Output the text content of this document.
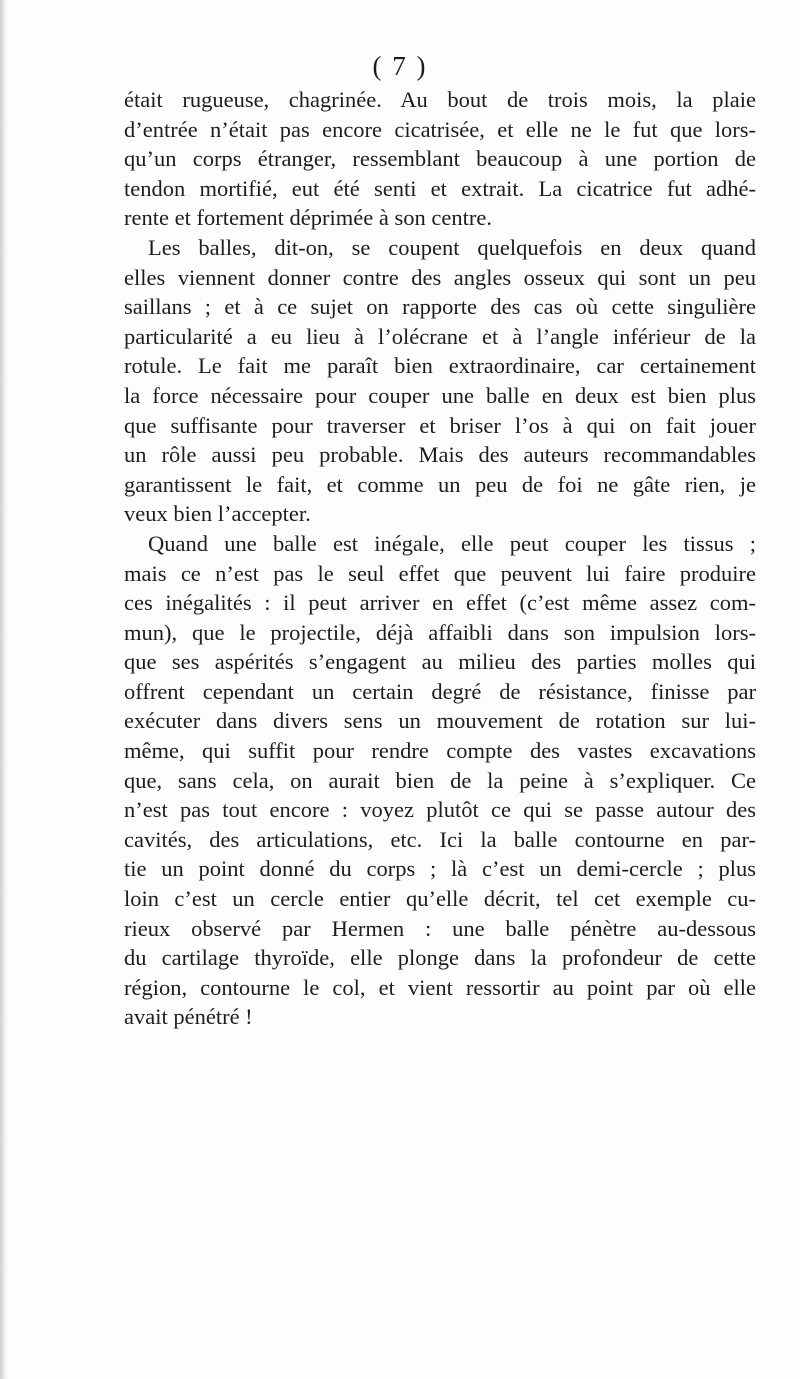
( 7 )
était rugueuse, chagrinée. Au bout de trois mois, la plaie
d’entrée n’était pas encore cicatrisée, et elle ne le fut que lors-
qu’un corps étranger, ressemblant beaucoup à une portion de
tendon mortifié, eut été senti et extrait. La cicatrice fut adhé-
rente et fortement déprimée à son centre.
Les balles, dit-on, se coupent quelquefois en deux quand
elles viennent donner contre des angles osseux qui sont un peu
saillans ; et à ce sujet on rapporte des cas où cette singulière
particularité a eu lieu à l’olécrane et à l’angle inférieur de la
rotule. Le fait me paraît bien extraordinaire, car certainement
la force nécessaire pour couper une balle en deux est bien plus
que suffisante pour traverser et briser l’os à qui on fait jouer
un rôle aussi peu probable. Mais des auteurs recommandables
garantissent le fait, et comme un peu de foi ne gâte rien, je
veux bien l’accepter.
Quand une balle est inégale, elle peut couper les tissus ;
mais ce n’est pas le seul effet que peuvent lui faire produire
ces inégalités : il peut arriver en effet (c’est même assez com-
mun), que le projectile, déjà affaibli dans son impulsion lors-
que ses aspérités s’engagent au milieu des parties molles qui
offrent cependant un certain degré de résistance, finisse par
exécuter dans divers sens un mouvement de rotation sur lui-
même, qui suffit pour rendre compte des vastes excavations
que, sans cela, on aurait bien de la peine à s’expliquer. Ce
n’est pas tout encore : voyez plutôt ce qui se passe autour des
cavités, des articulations, etc. Ici la balle contourne en par-
tie un point donné du corps ; là c’est un demi-cercle ; plus
loin c’est un cercle entier qu’elle décrit, tel cet exemple cu-
rieux observé par Hermen : une balle pénètre au-dessous
du cartilage thyroïde, elle plonge dans la profondeur de cette
région, contourne le col, et vient ressortir au point par où elle
avait pénétré !
